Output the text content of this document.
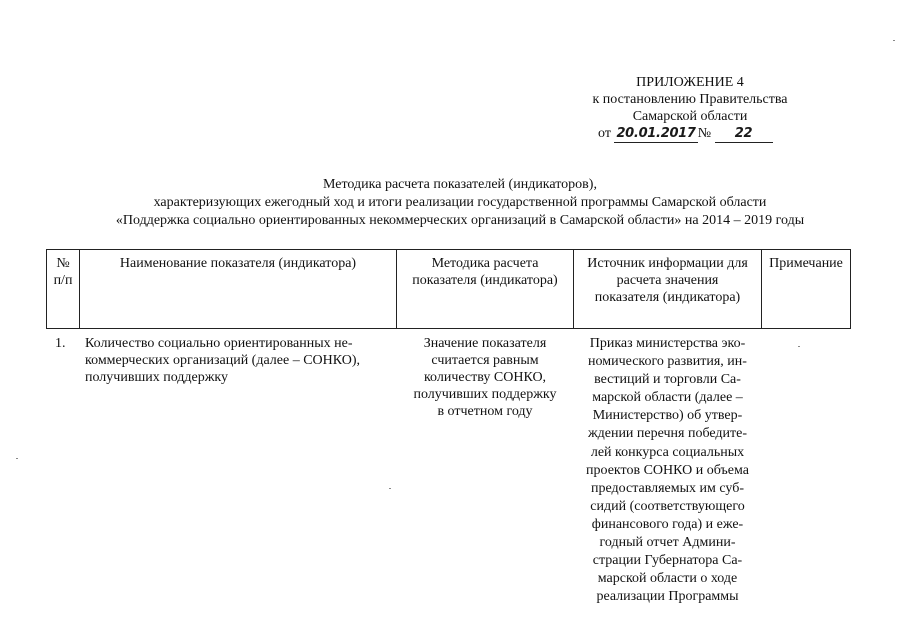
ПРИЛОЖЕНИЕ 4
к постановлению Правительства
Самарской области
от 20.01.2017 № 22
Методика расчета показателей (индикаторов),
характеризующих ежегодный ход и итоги реализации государственной программы Самарской области
«Поддержка социально ориентированных некоммерческих организаций в Самарской области» на 2014 – 2019 годы
№
п/п
Наименование показателя (индикатора)	Методика расчета
показателя (индикатора)
Источник информации для
расчета значения
показателя (индикатора)
Примечание
1.	Количество социально ориентированных не-
коммерческих организаций (далее – СОНКО),
получивших поддержку
Значение показателя
считается равным
количеству СОНКО,
получивших поддержку
в отчетном году
Приказ министерства эко-
номического развития, ин-
вестиций и торговли Са-
марской области (далее –
Министерство) об утвер-
ждении перечня победите-
лей конкурса социальных
проектов СОНКО и объема
предоставляемых им суб-
сидий (соответствующего
финансового года) и еже-
годный отчет Админи-
страции Губернатора Са-
марской области о ходе
реализации Программы
